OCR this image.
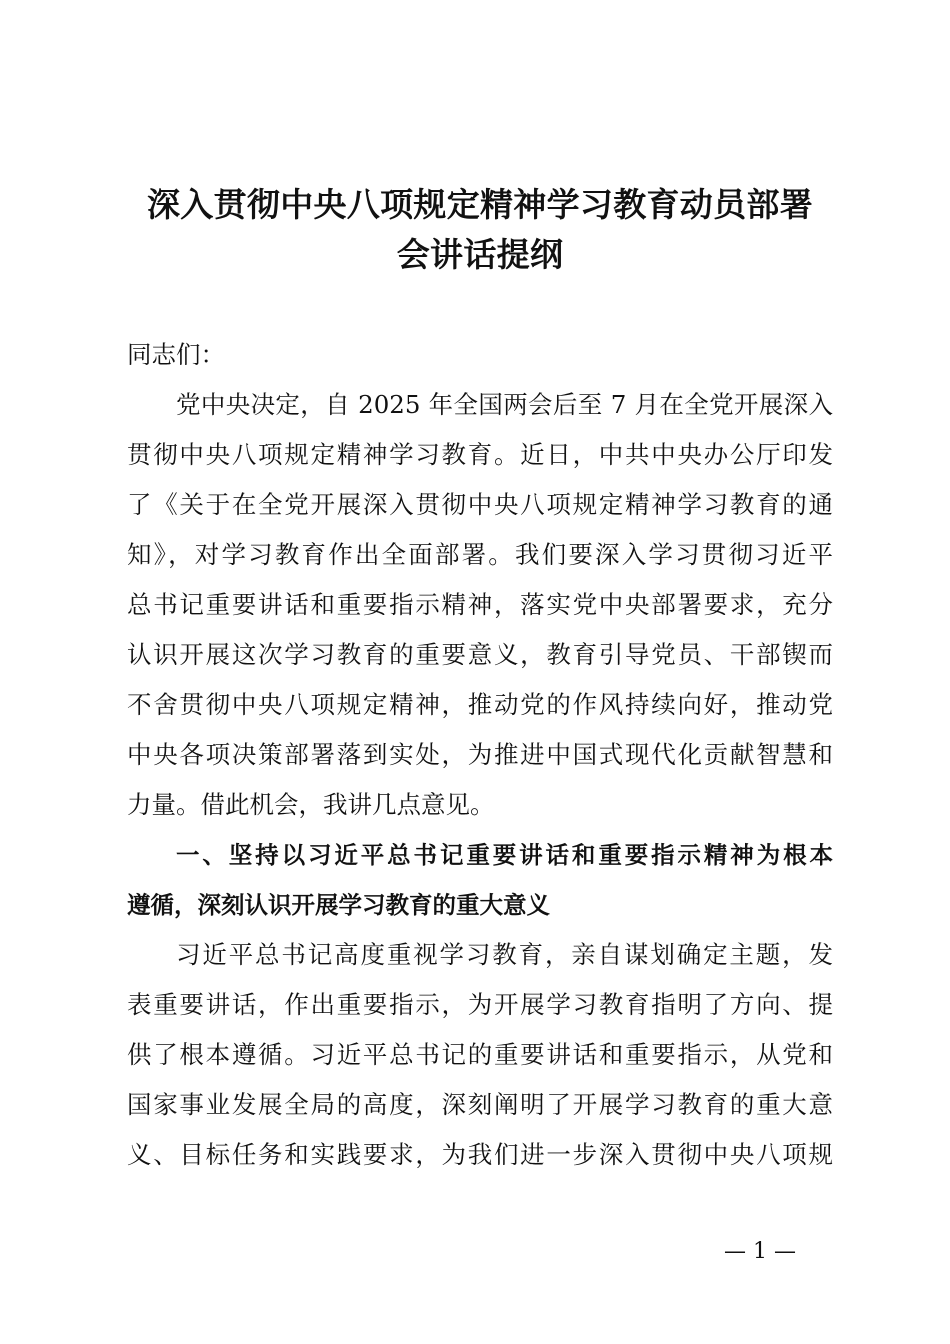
深入贯彻中央八项规定精神学习教育动员部署
会讲话提纲
同志们：
党中央决定，自 2025 年全国两会后至 7 月在全党开展深入
贯彻中央八项规定精神学习教育。近日，中共中央办公厅印发
了《关于在全党开展深入贯彻中央八项规定精神学习教育的通
知》，对学习教育作出全面部署。我们要深入学习贯彻习近平
总书记重要讲话和重要指示精神，落实党中央部署要求，充分
认识开展这次学习教育的重要意义，教育引导党员、干部锲而
不舍贯彻中央八项规定精神，推动党的作风持续向好，推动党
中央各项决策部署落到实处，为推进中国式现代化贡献智慧和
力量。借此机会，我讲几点意见。
一、坚持以习近平总书记重要讲话和重要指示精神为根本
遵循，深刻认识开展学习教育的重大意义
习近平总书记高度重视学习教育，亲自谋划确定主题，发
表重要讲话，作出重要指示，为开展学习教育指明了方向、提
供了根本遵循。习近平总书记的重要讲话和重要指示，从党和
国家事业发展全局的高度，深刻阐明了开展学习教育的重大意
义、目标任务和实践要求，为我们进一步深入贯彻中央八项规
— 1 —
